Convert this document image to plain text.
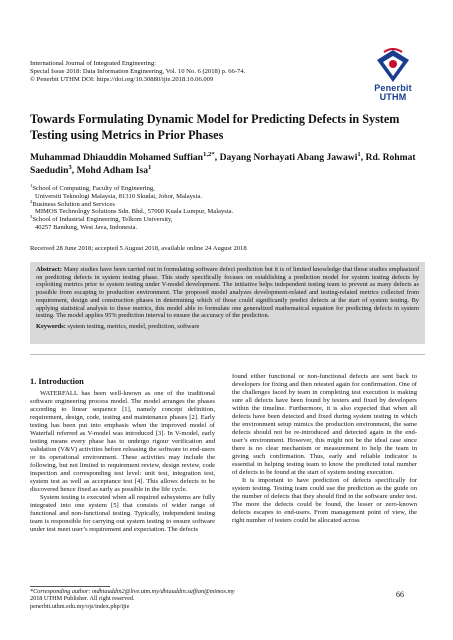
International Journal of Integrated Engineering:
Special Issue 2018: Data Information Engineering, Vol. 10 No. 6 (2018) p. 66-74.
© Penerbit UTHM DOI: https://doi.org/10.30880/ijie.2018.10.06.009
Penerbit
UTHM
Towards Formulating Dynamic Model for Predicting Defects in System Testing using Metrics in Prior Phases
Muhammad Dhiauddin Mohamed Suffian$^{1,2*}$, Dayang Norhayati Abang Jawawi$^1$, Rd. Rohmat Saedudin$^3$, Mohd Adham Isa$^1$
$^1$School of Computing, Faculty of Engineering,
Universiti Teknologi Malaysia, 81310 Skudai, Johor, Malaysia.
$^2$Business Solution and Services
MIMOS Technology Solutions Sdn. Bhd., 57000 Kuala Lumpur, Malaysia.
$^3$School of Industrial Engineering, Telkom University,
40257 Bandung, West Java, Indonesia.
Received 28 June 2018; accepted 5 August 2018, available online 24 August 2018
Abstract: Many studies have been carried out in formulating software defect prediction but it is of limited knowledge that those studies emphasized on predicting defects in system testing phase. This study specifically focuses on establishing a prediction model for system testing defects by exploiting metrics prior to system testing under V-model development. The initiative helps independent testing team to prevent as many defects as possible from escaping to production environment. The proposed model analyzes development-related and testing-related metrics collected from requirement, design and construction phases in determining which of those could significantly predict defects at the start of system testing. By applying statistical analysis to those metrics, this model able to formulate one generalized mathematical equation for predicting defects in system testing. The model applies 95% prediction interval to ensure the accuracy of the prediction.
Keywords: system testing, metrics, model, prediction, software
1. Introduction

WATERFALL has been well-known as one of the traditional software engineering process model. The model arranges the phases according to linear sequence [1], namely concept definition, requirement, design, code, testing and maintenance phases [2]. Early testing has been put into emphasis when the improved model of Waterfall referred as V-model was introduced [3]. In V-model, early testing means every phase has to undergo rigour verification and validation (V&V) activities before releasing the software to end-users or its operational environment. These activities may include the following, but not limited to requirement review, design review, code inspection and corresponding test level: unit test, integration test, system test as well as acceptance test [4]. This allows defects to be discovered hence fixed as early as possible in the life cycle.

System testing is executed when all required subsystems are fully integrated into one system [5] that consists of wider range of functional and non-functional testing. Typically, independent testing team is responsible for carrying out system testing to ensure software under test meet user’s requirement and expectation. The defects

found either functional or non-functional defects are sent back to developers for fixing and then retested again for confirmation. One of the challenges faced by team in completing test execution is making sure all defects have been found by testers and fixed by developers within the timeline. Furthermore, it is also expected that when all defects have been detected and fixed during system testing in which the environment setup mimics the production environment, the same defects should not be re-introduced and detected again in the end-user’s environment. However, this might not be the ideal case since there is no clear mechanism or measurement to help the team in giving such confirmation. Thus, early and reliable indicator is essential in helping testing team to know the predicted total number of defects to be found at the start of system testing execution.

It is important to have prediction of defects specifically for system testing. Testing team could use the prediction as the guide on the number of defects that they should find in the software under test. The more the defects could be found, the lesser or zero-known defects escapes to end-users. From management point of view, the right number of testers could be allocated across

*Corresponding author: mdhiauddin2@live.utm.my/dhiauddin.suffian@mimos.my
2018 UTHM Publisher. All right reserved.
penerbit.uthm.edu.my/ojs/index.php/ijie
66
